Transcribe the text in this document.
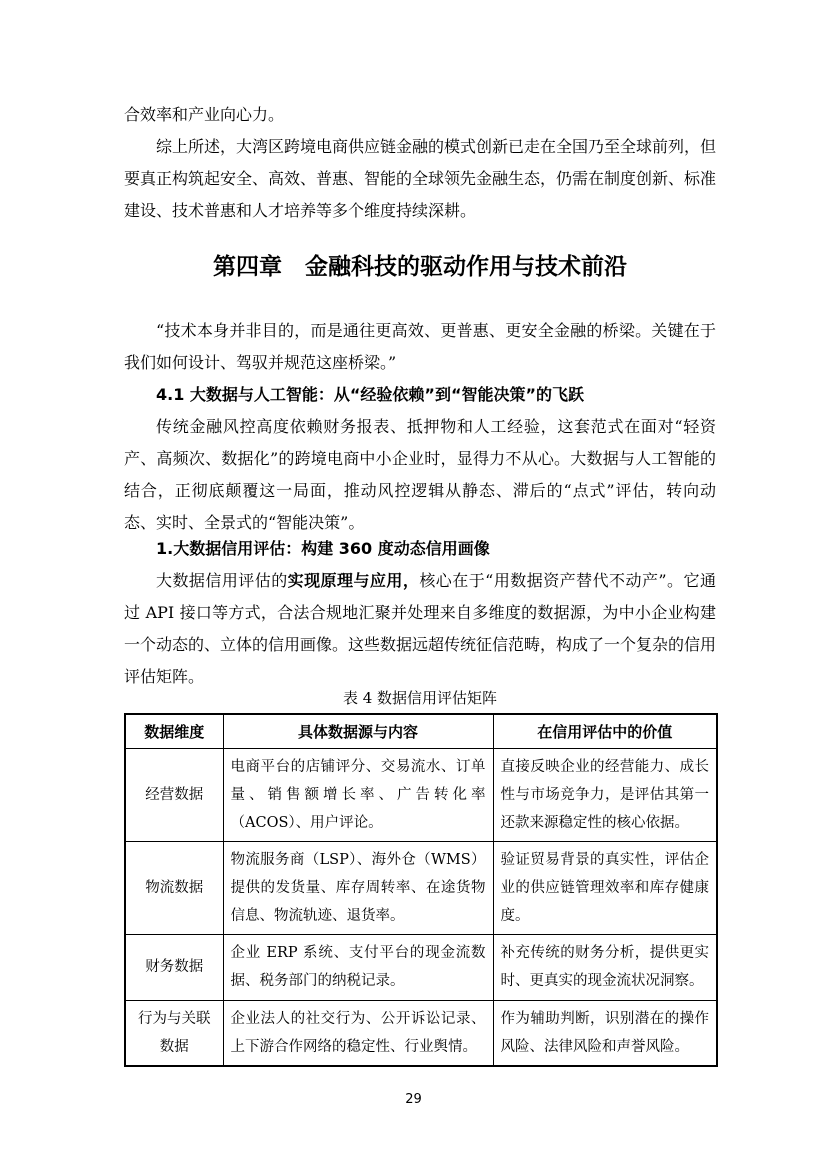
合效率和产业向心力。

综上所述，大湾区跨境电商供应链金融的模式创新已走在全国乃至全球前列，但要真正构筑起安全、高效、普惠、智能的全球领先金融生态，仍需在制度创新、标准建设、技术普惠和人才培养等多个维度持续深耕。

第四章　金融科技的驱动作用与技术前沿

“技术本身并非目的，而是通往更高效、更普惠、更安全金融的桥梁。关键在于我们如何设计、驾驭并规范这座桥梁。”

4.1 大数据与人工智能：从“经验依赖”到“智能决策”的飞跃

传统金融风控高度依赖财务报表、抵押物和人工经验，这套范式在面对“轻资产、高频次、数据化”的跨境电商中小企业时，显得力不从心。大数据与人工智能的结合，正彻底颠覆这一局面，推动风控逻辑从静态、滞后的“点式”评估，转向动态、实时、全景式的“智能决策”。

1.大数据信用评估：构建 360 度动态信用画像

大数据信用评估的实现原理与应用，核心在于“用数据资产替代不动产”。它通过 API 接口等方式，合法合规地汇聚并处理来自多维度的数据源，为中小企业构建一个动态的、立体的信用画像。这些数据远超传统征信范畴，构成了一个复杂的信用评估矩阵。

表 4 数据信用评估矩阵

数据维度	具体数据源与内容	在信用评估中的价值
经营数据	电商平台的店铺评分、交易流水、订单量、销售额增长率、广告转化率（ACOS）、用户评论。	直接反映企业的经营能力、成长性与市场竞争力，是评估其第一还款来源稳定性的核心依据。
物流数据	物流服务商（LSP）、海外仓（WMS）提供的发货量、库存周转率、在途货物信息、物流轨迹、退货率。	验证贸易背景的真实性，评估企业的供应链管理效率和库存健康度。
财务数据	企业 ERP 系统、支付平台的现金流数据、税务部门的纳税记录。	补充传统的财务分析，提供更实时、更真实的现金流状况洞察。
行为与关联数据	企业法人的社交行为、公开诉讼记录、上下游合作网络的稳定性、行业舆情。	作为辅助判断，识别潜在的操作风险、法律风险和声誉风险。
29
